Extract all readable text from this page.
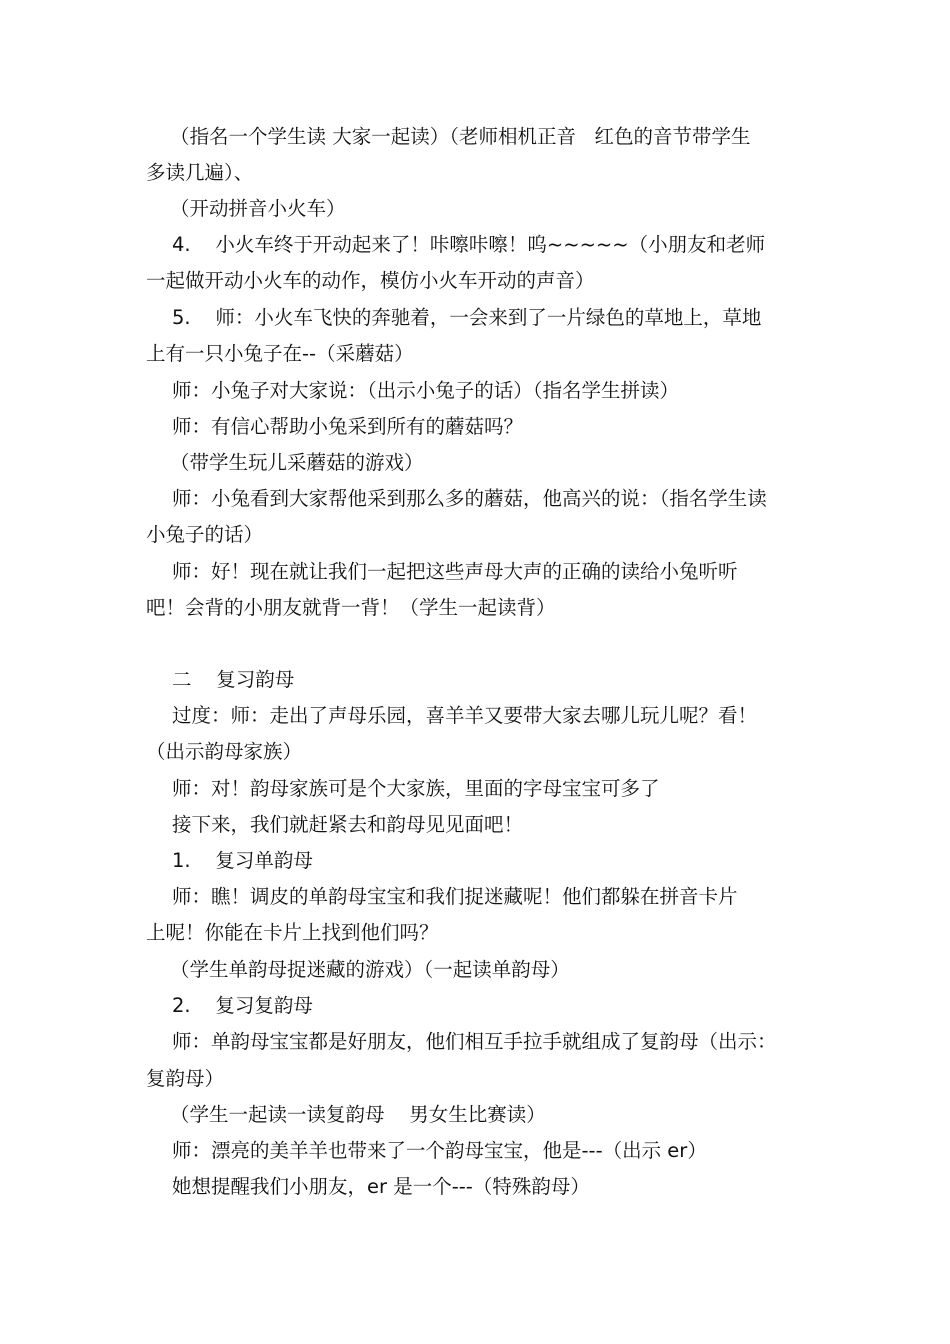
（指名一个学生读 大家一起读）（老师相机正音   红色的音节带学生
多读几遍）、
（开动拼音小火车）
4.    小火车终于开动起来了！咔嚓咔嚓！呜~~~~~（小朋友和老师
一起做开动小火车的动作，模仿小火车开动的声音）
5.    师：小火车飞快的奔驰着，一会来到了一片绿色的草地上，草地
上有一只小兔子在--（采蘑菇）
师：小兔子对大家说：（出示小兔子的话）（指名学生拼读）
师：有信心帮助小兔采到所有的蘑菇吗？
（带学生玩儿采蘑菇的游戏）
师：小兔看到大家帮他采到那么多的蘑菇，他高兴的说：（指名学生读
小兔子的话）
师：好！现在就让我们一起把这些声母大声的正确的读给小兔听听
吧！会背的小朋友就背一背！（学生一起读背）
二    复习韵母
过度：师：走出了声母乐园，喜羊羊又要带大家去哪儿玩儿呢？看！
（出示韵母家族）
师：对！韵母家族可是个大家族，里面的字母宝宝可多了
接下来，我们就赶紧去和韵母见见面吧！
1.    复习单韵母
师：瞧！调皮的单韵母宝宝和我们捉迷藏呢！他们都躲在拼音卡片
上呢！你能在卡片上找到他们吗？
（学生单韵母捉迷藏的游戏）（一起读单韵母）
2.    复习复韵母
师：单韵母宝宝都是好朋友，他们相互手拉手就组成了复韵母（出示：
复韵母）
（学生一起读一读复韵母    男女生比赛读）
师：漂亮的美羊羊也带来了一个韵母宝宝，他是---（出示 er）
她想提醒我们小朋友，er 是一个---（特殊韵母）
